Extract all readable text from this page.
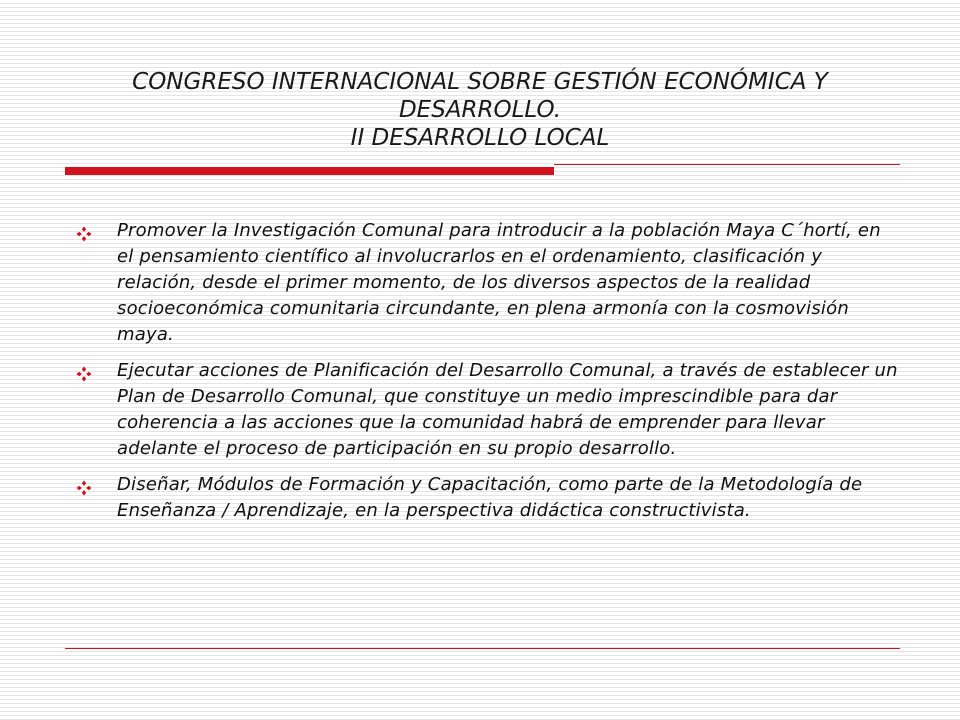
CONGRESO INTERNACIONAL SOBRE GESTIÓN ECONÓMICA Y
DESARROLLO.
II DESARROLLO LOCAL
Promover la Investigación Comunal para introducir a la población Maya C´hortí, en el pensamiento científico al involucrarlos en el ordenamiento, clasificación y relación, desde el primer momento, de los diversos aspectos de la realidad socioeconómica comunitaria circundante, en plena armonía con la cosmovisión maya.
Ejecutar acciones de Planificación del Desarrollo Comunal, a través de establecer un Plan de Desarrollo Comunal, que constituye un medio imprescindible para dar coherencia a las acciones que la comunidad habrá de emprender para llevar adelante el proceso de participación en su propio desarrollo.
Diseñar, Módulos de Formación y Capacitación, como parte de la Metodología de Enseñanza / Aprendizaje, en la perspectiva didáctica constructivista.
